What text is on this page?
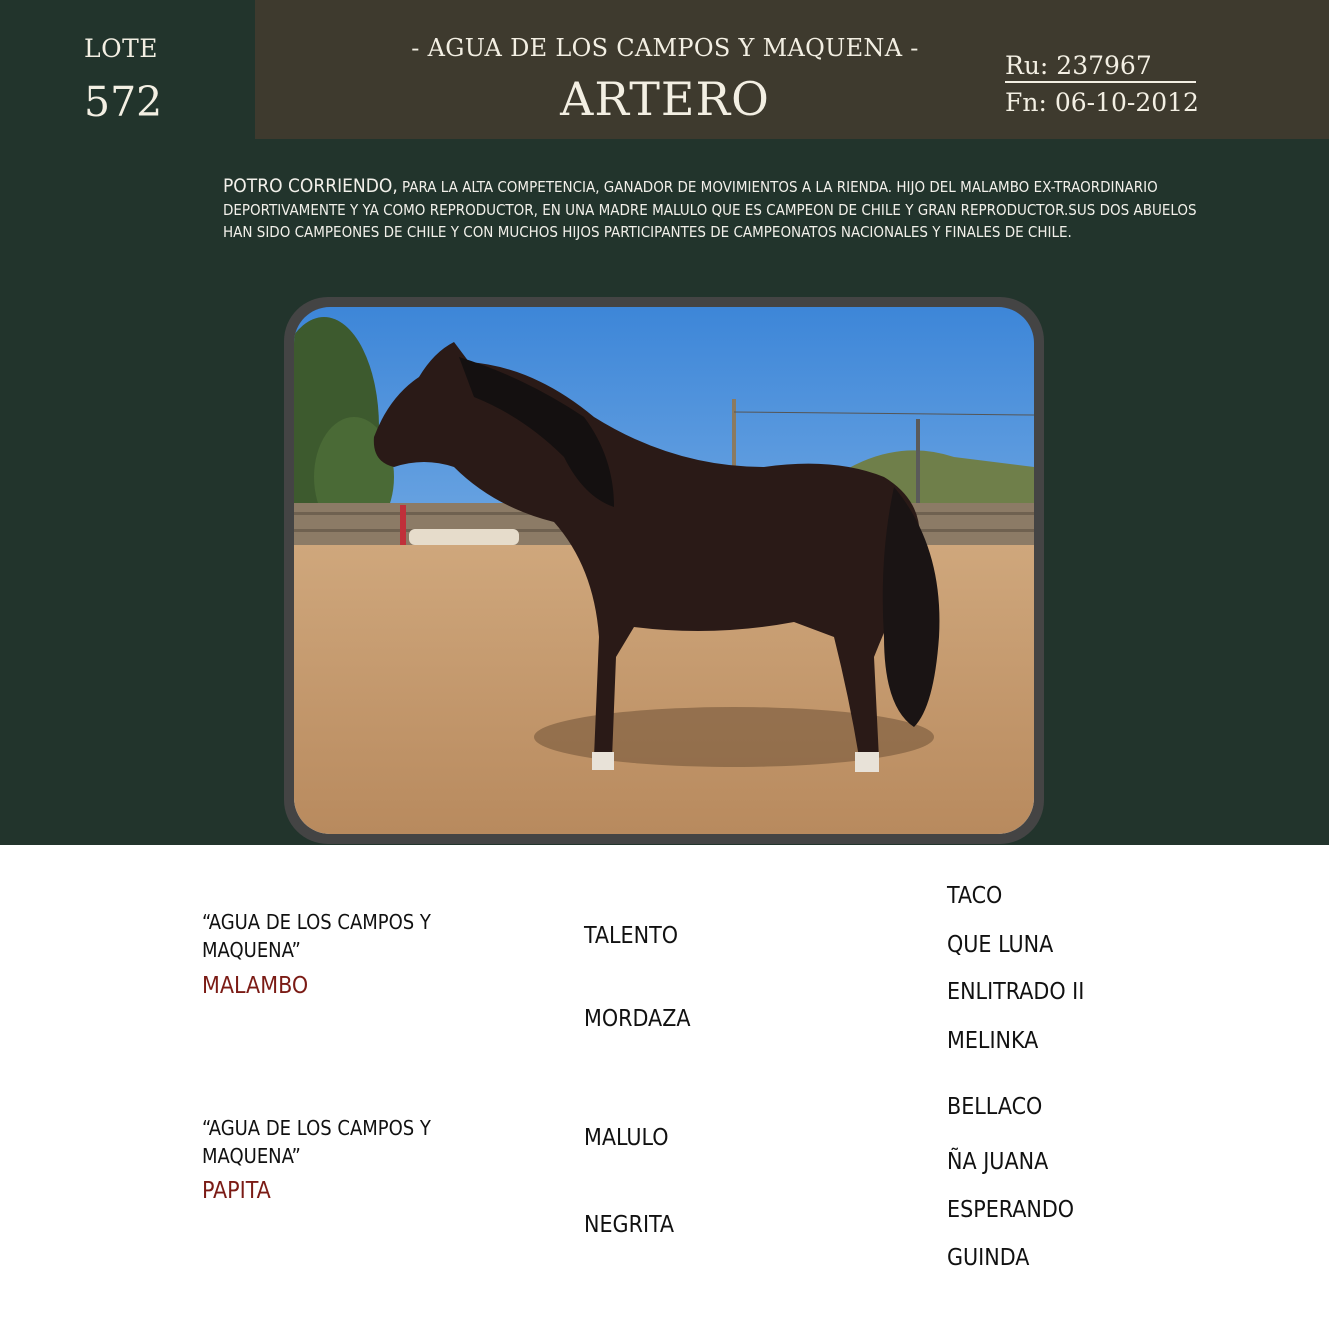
LOTE
572
- AGUA DE LOS CAMPOS Y MAQUENA -
ARTERO
Ru: 237967
Fn: 06-10-2012
POTRO CORRIENDO, PARA LA ALTA COMPETENCIA, GANADOR DE MOVIMIENTOS A LA RIENDA. HIJO DEL MALAMBO EX-TRAORDINARIO DEPORTIVAMENTE Y YA COMO REPRODUCTOR, EN UNA MADRE MALULO QUE ES CAMPEON DE CHILE Y GRAN REPRODUCTOR.SUS DOS ABUELOS HAN SIDO CAMPEONES DE CHILE Y CON MUCHOS HIJOS PARTICIPANTES DE CAMPEONATOS NACIONALES Y FINALES DE CHILE.
“AGUA DE LOS CAMPOS Y MAQUENA”
MALAMBO
TALENTO
MORDAZA
TACO
QUE LUNA
ENLITRADO II
MELINKA
“AGUA DE LOS CAMPOS Y MAQUENA”
PAPITA
MALULO
NEGRITA
BELLACO
ÑA JUANA
ESPERANDO
GUINDA
